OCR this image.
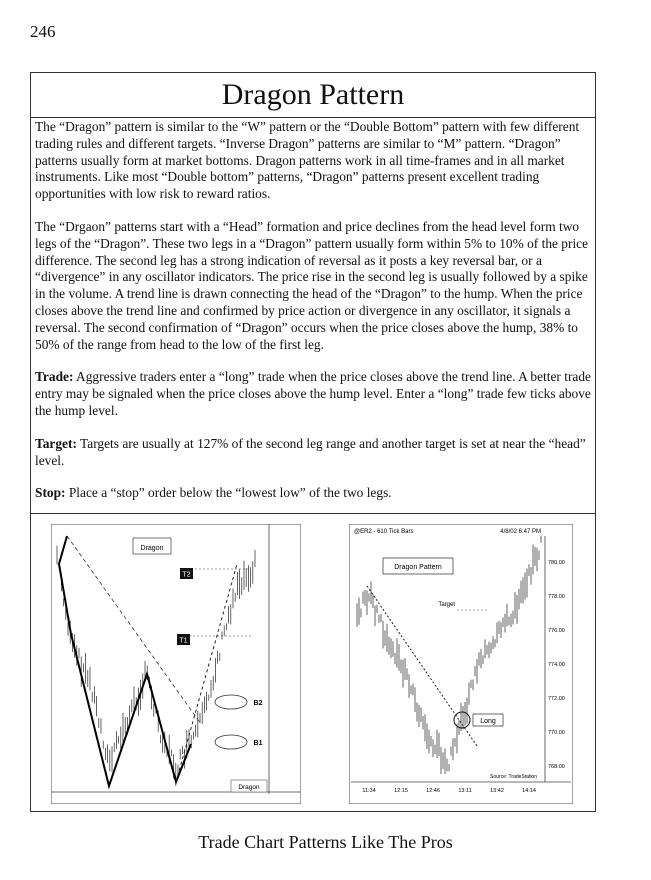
246
Dragon Pattern

The “Dragon” pattern is similar to the “W” pattern or the “Double Bottom” pattern with few different trading rules and different targets. “Inverse Dragon” patterns are similar to “M” pattern. “Dragon” patterns usually form at market bottoms. Dragon patterns work in all time-frames and in all market instruments. Like most “Double bottom” patterns, “Dragon” patterns present excellent trading opportunities with low risk to reward ratios.

The “Drgaon” patterns start with a “Head” formation and price declines from the head level form two legs of the “Dragon”. These two legs in a “Dragon” pattern usually form within 5% to 10% of the price difference. The second leg has a strong indication of reversal as it posts a key reversal bar, or a “divergence” in any oscillator indicators. The price rise in the second leg is usually followed by a spike in the volume. A trend line is drawn connecting the head of the “Dragon” to the hump. When the price closes above the trend line and confirmed by price action or divergence in any oscillator, it signals a reversal. The second confirmation of “Dragon” occurs when the price closes above the hump, 38% to 50% of the range from head to the low of the first leg.

Trade: Aggressive traders enter a “long” trade when the price closes above the trend line. A better trade entry may be signaled when the price closes above the hump level. Enter a “long” trade few ticks above the hump level.

Target: Targets are usually at 127% of the second leg range and another target is set at near the “head” level.

Stop: Place a “stop” order below the “lowest low” of the two legs.

Dragon
T2
T1
B2
B1
Dragon
@ER2 - 610 Tick Bars	4/8/02 6:47 PM
Dragon Pattern
Target
Long
Source: TradeStation
11:34	12:15	12:46	13:11	13:42	14:14
780.00
778.00
776.00
774.00
772.00
770.00
768.00
Trade Chart Patterns Like The Pros
